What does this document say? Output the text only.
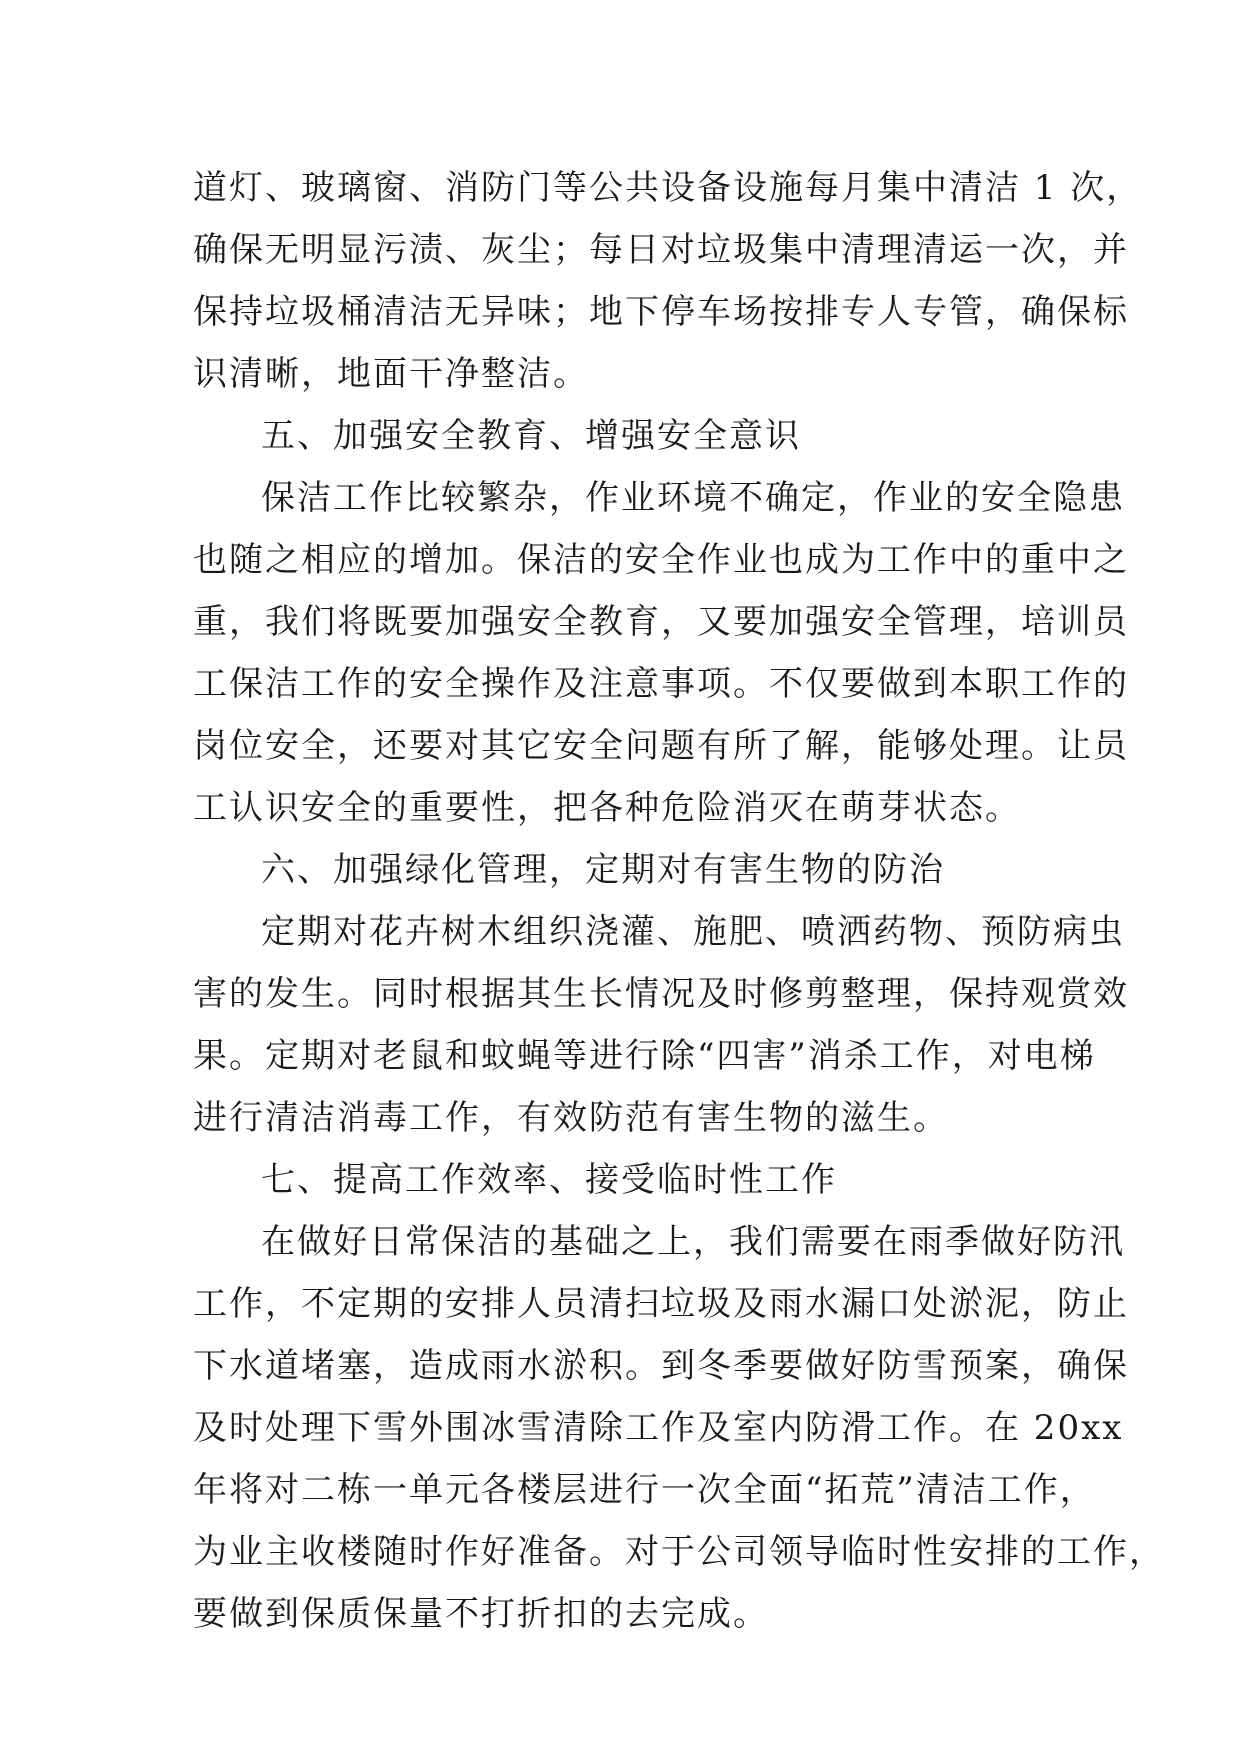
道灯、玻璃窗、消防门等公共设备设施每月集中清洁 1 次，
确保无明显污渍、灰尘；每日对垃圾集中清理清运一次，并
保持垃圾桶清洁无异味；地下停车场按排专人专管，确保标
识清晰，地面干净整洁。
五、加强安全教育、增强安全意识
保洁工作比较繁杂，作业环境不确定，作业的安全隐患
也随之相应的增加。保洁的安全作业也成为工作中的重中之
重，我们将既要加强安全教育，又要加强安全管理，培训员
工保洁工作的安全操作及注意事项。不仅要做到本职工作的
岗位安全，还要对其它安全问题有所了解，能够处理。让员
工认识安全的重要性，把各种危险消灭在萌芽状态。
六、加强绿化管理，定期对有害生物的防治
定期对花卉树木组织浇灌、施肥、喷洒药物、预防病虫
害的发生。同时根据其生长情况及时修剪整理，保持观赏效
果。定期对老鼠和蚊蝇等进行除“四害”消杀工作，对电梯
进行清洁消毒工作，有效防范有害生物的滋生。
七、提高工作效率、接受临时性工作
在做好日常保洁的基础之上，我们需要在雨季做好防汛
工作，不定期的安排人员清扫垃圾及雨水漏口处淤泥，防止
下水道堵塞，造成雨水淤积。到冬季要做好防雪预案，确保
及时处理下雪外围冰雪清除工作及室内防滑工作。在 20xx
年将对二栋一单元各楼层进行一次全面“拓荒”清洁工作，
为业主收楼随时作好准备。对于公司领导临时性安排的工作，
要做到保质保量不打折扣的去完成。
